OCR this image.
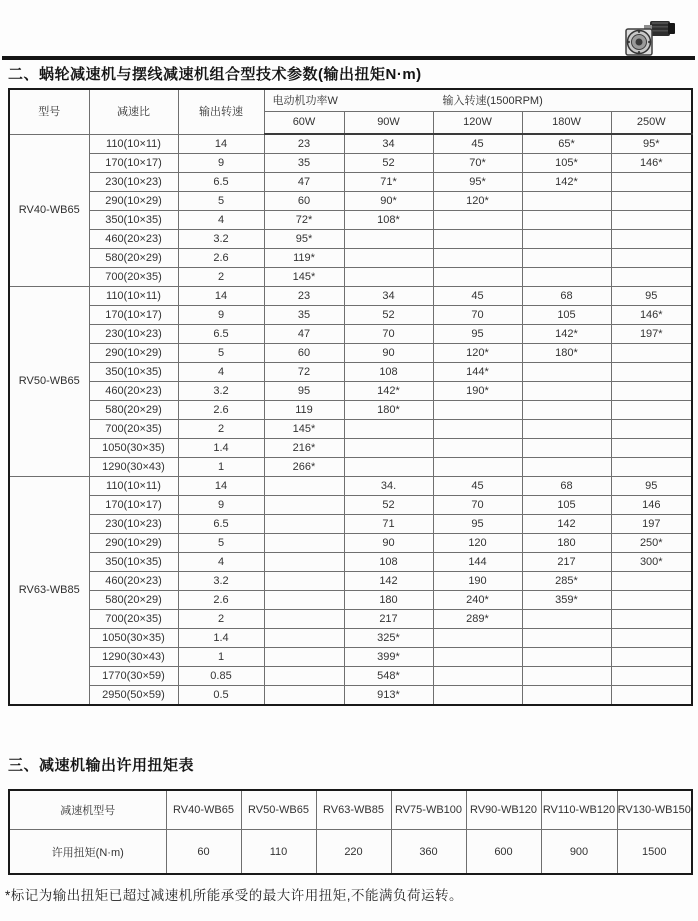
二、蜗轮减速机与摆线减速机组合型技术参数(输出扭矩N·m)
型号	减速比	输出转速	电动机功率W 输入转速(1500RPM)				

			60W	90W	120W	180W	250W
RV40-WB65	110(10×11)	14	23	34	45	65*	95*
	170(10×17)	9	35	52	70*	105*	146*
	230(10×23)	6.5	47	71*	95*	142*	
	290(10×29)	5	60	90*	120*		
	350(10×35)	4	72*	108*			
	460(20×23)	3.2	95*				
	580(20×29)	2.6	119*				
	700(20×35)	2	145*				
RV50-WB65	110(10×11)	14	23	34	45	68	95
	170(10×17)	9	35	52	70	105	146*
	230(10×23)	6.5	47	70	95	142*	197*
	290(10×29)	5	60	90	120*	180*	
	350(10×35)	4	72	108	144*		
	460(20×23)	3.2	95	142*	190*		
	580(20×29)	2.6	119	180*			
	700(20×35)	2	145*				
	1050(30×35)	1.4	216*				
	1290(30×43)	1	266*				
RV63-WB85	110(10×11)	14		34.	45	68	95
	170(10×17)	9		52	70	105	146
	230(10×23)	6.5		71	95	142	197
	290(10×29)	5		90	120	180	250*
	350(10×35)	4		108	144	217	300*
	460(20×23)	3.2		142	190	285*	
	580(20×29)	2.6		180	240*	359*	
	700(20×35)	2		217	289*		
	1050(30×35)	1.4		325*			
	1290(30×43)	1		399*			
	1770(30×59)	0.85		548*			
	2950(50×59)	0.5		913*			
三、减速机输出许用扭矩表
减速机型号	RV40-WB65	RV50-WB65	RV63-WB85	RV75-WB100	RV90-WB120	RV110-WB120	RV130-WB150
许用扭矩(N·m)	60	110	220	360	600	900	1500

*标记为输出扭矩已超过减速机所能承受的最大许用扭矩,不能满负荷运转。
